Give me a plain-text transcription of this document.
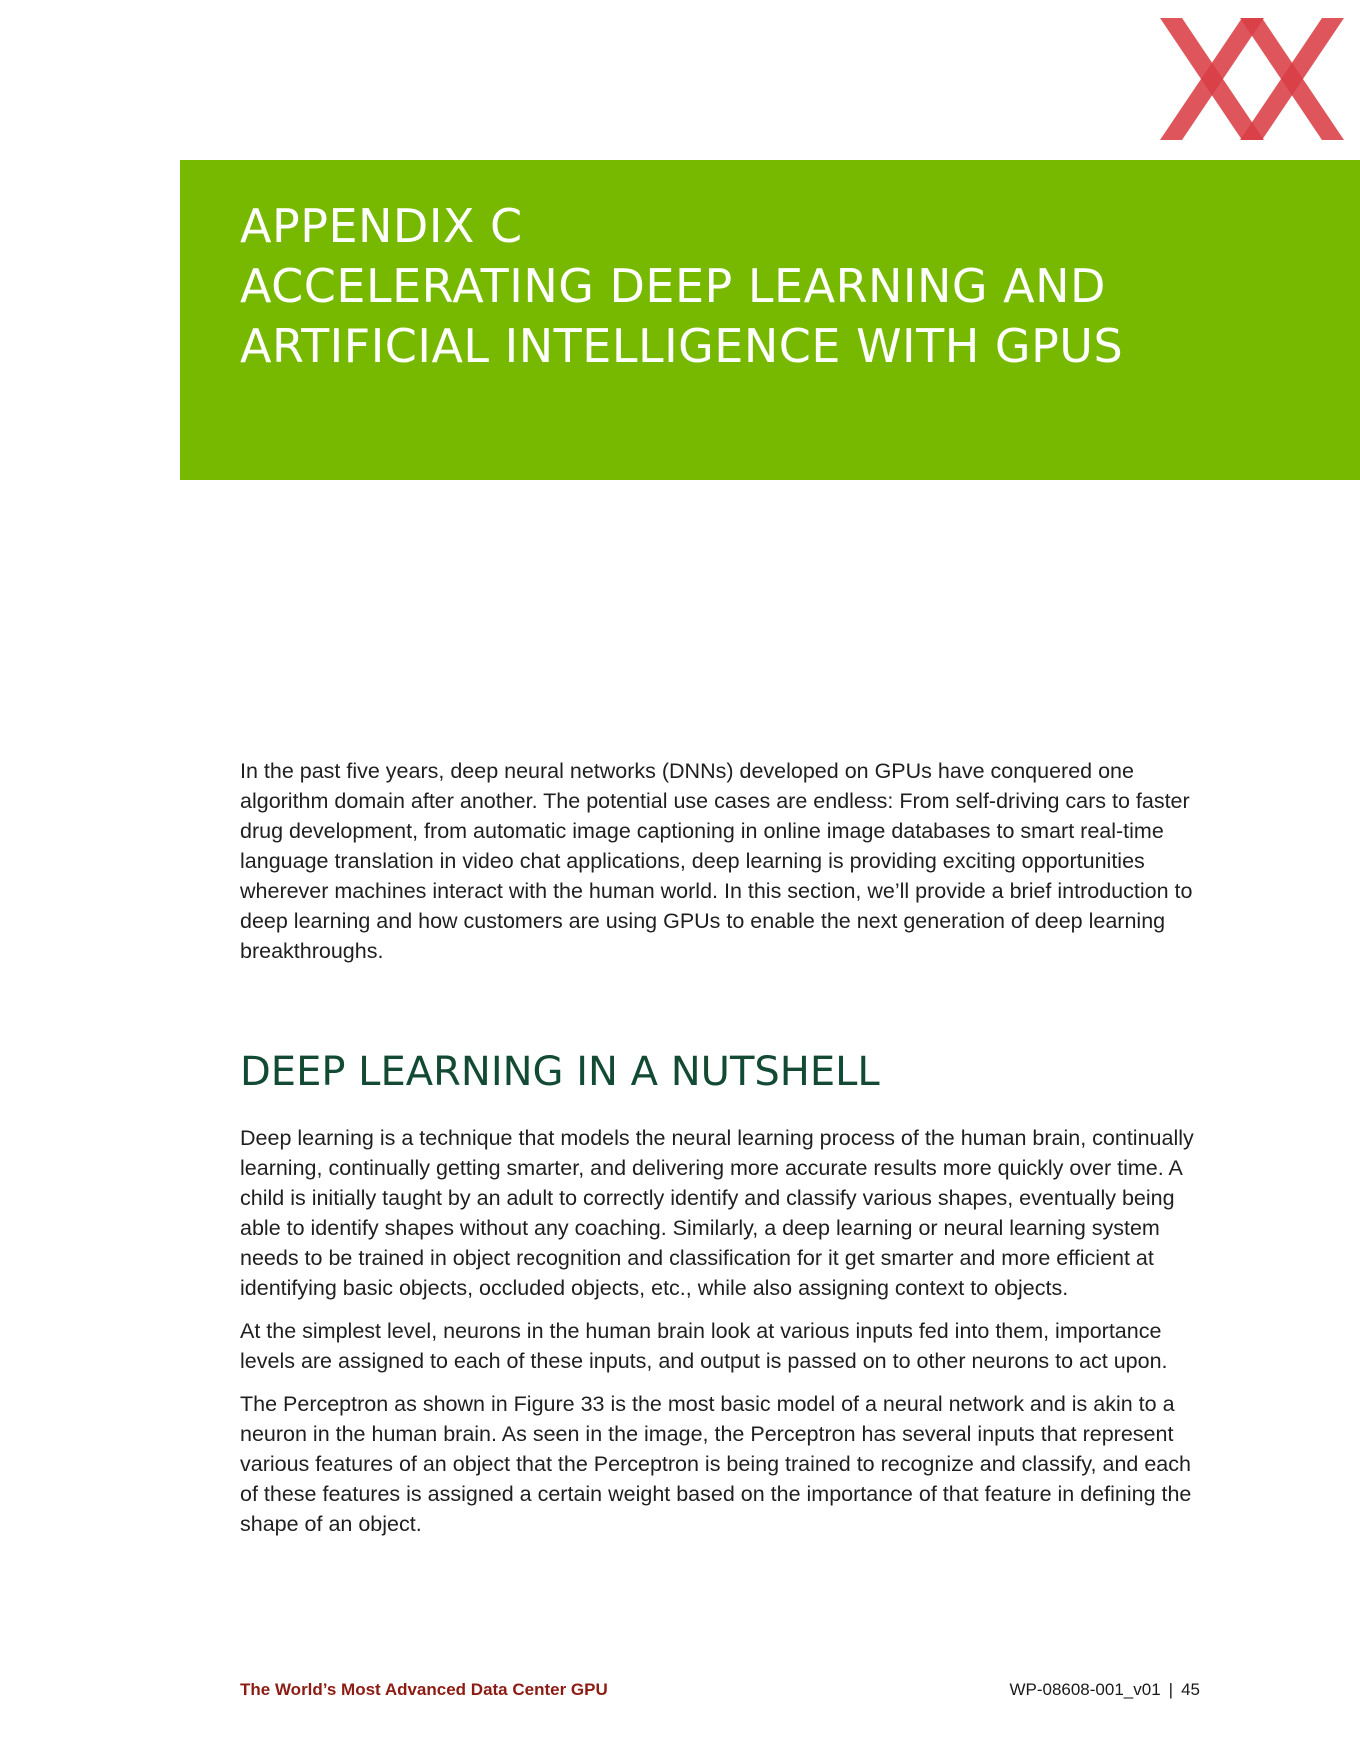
APPENDIX C
ACCELERATING DEEP LEARNING AND
ARTIFICIAL INTELLIGENCE WITH GPUS

In the past five years, deep neural networks (DNNs) developed on GPUs have conquered one algorithm domain after another. The potential use cases are endless: From self-driving cars to faster drug development, from automatic image captioning in online image databases to smart real-time language translation in video chat applications, deep learning is providing exciting opportunities wherever machines interact with the human world. In this section, we’ll provide a brief introduction to deep learning and how customers are using GPUs to enable the next generation of deep learning breakthroughs.

DEEP LEARNING IN A NUTSHELL

Deep learning is a technique that models the neural learning process of the human brain, continually learning, continually getting smarter, and delivering more accurate results more quickly over time. A child is initially taught by an adult to correctly identify and classify various shapes, eventually being able to identify shapes without any coaching. Similarly, a deep learning or neural learning system needs to be trained in object recognition and classification for it get smarter and more efficient at identifying basic objects, occluded objects, etc., while also assigning context to objects.

At the simplest level, neurons in the human brain look at various inputs fed into them, importance levels are assigned to each of these inputs, and output is passed on to other neurons to act upon.

The Perceptron as shown in Figure 33 is the most basic model of a neural network and is akin to a neuron in the human brain. As seen in the image, the Perceptron has several inputs that represent various features of an object that the Perceptron is being trained to recognize and classify, and each of these features is assigned a certain weight based on the importance of that feature in defining the shape of an object.

The World’s Most Advanced Data Center GPU	WP-08608-001_v01 | 45
